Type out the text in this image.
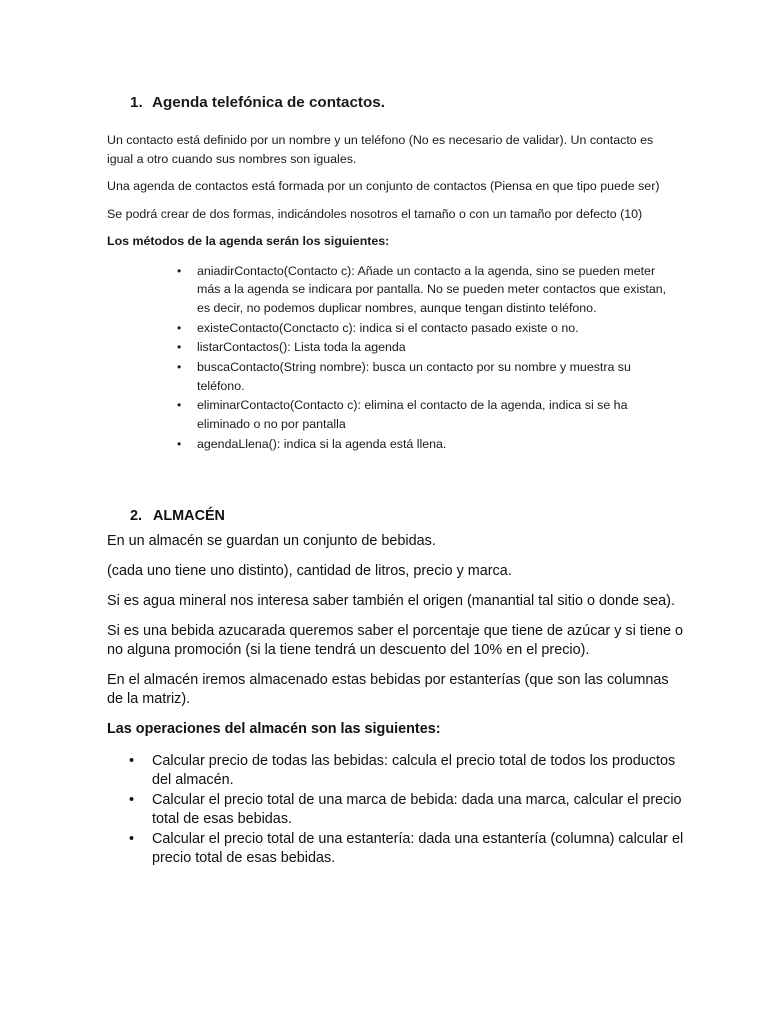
1. Agenda telefónica de contactos.

Un contacto está definido por un nombre y un teléfono (No es necesario de validar). Un contacto es igual a otro cuando sus nombres son iguales.

Una agenda de contactos está formada por un conjunto de contactos (Piensa en que tipo puede ser)

Se podrá crear de dos formas, indicándoles nosotros el tamaño o con un tamaño por defecto (10)

Los métodos de la agenda serán los siguientes:

• aniadirContacto(Contacto c): Añade un contacto a la agenda, sino se pueden meter más a la agenda se indicara por pantalla. No se pueden meter contactos que existan, es decir, no podemos duplicar nombres, aunque tengan distinto teléfono.
• existeContacto(Conctacto c): indica si el contacto pasado existe o no.
• listarContactos(): Lista toda la agenda
• buscaContacto(String nombre): busca un contacto por su nombre y muestra su teléfono.
• eliminarContacto(Contacto c): elimina el contacto de la agenda, indica si se ha eliminado o no por pantalla
• agendaLlena(): indica si la agenda está llena.
2. ALMACÉN

En un almacén se guardan un conjunto de bebidas.

(cada uno tiene uno distinto), cantidad de litros, precio y marca.

Si es agua mineral nos interesa saber también el origen (manantial tal sitio o donde sea).

Si es una bebida azucarada queremos saber el porcentaje que tiene de azúcar y si tiene o no alguna promoción (si la tiene tendrá un descuento del 10% en el precio).

En el almacén iremos almacenado estas bebidas por estanterías (que son las columnas de la matriz).

Las operaciones del almacén son las siguientes:

• Calcular precio de todas las bebidas: calcula el precio total de todos los productos del almacén.
• Calcular el precio total de una marca de bebida: dada una marca, calcular el precio total de esas bebidas.
• Calcular el precio total de una estantería: dada una estantería (columna) calcular el precio total de esas bebidas.
